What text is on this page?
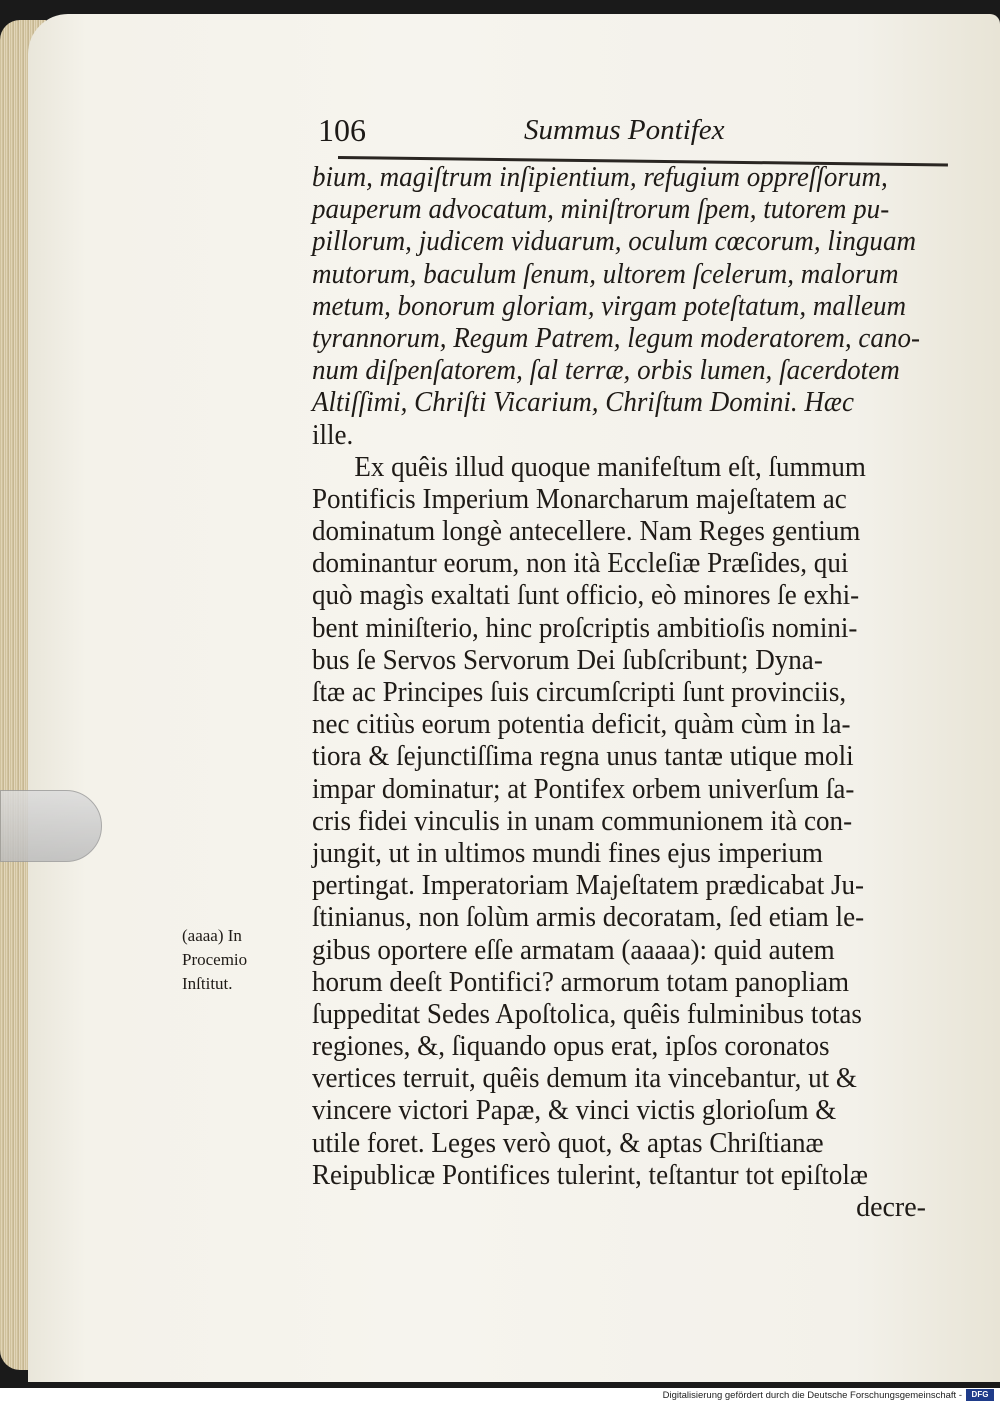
106	Summus Pontifex
bium, magiſtrum inſipientium, refugium oppreſſorum,
pauperum advocatum, miniſtrorum ſpem, tutorem pu-
pillorum, judicem viduarum, oculum cœcorum, linguam
mutorum, baculum ſenum, ultorem ſcelerum, malorum
metum, bonorum gloriam, virgam poteſtatum, malleum
tyrannorum, Regum Patrem, legum moderatorem, cano-
num diſpenſatorem, ſal terræ, orbis lumen, ſacerdotem
Altiſſimi, Chriſti Vicarium, Chriſtum Domini. Hæc
ille.
Ex quêis illud quoque manifeſtum eſt, ſummum
Pontificis Imperium Monarcharum majeſtatem ac
dominatum longè antecellere. Nam Reges gentium
dominantur eorum, non ità Eccleſiæ Præſides, qui
quò magìs exaltati ſunt officio, eò minores ſe exhi-
bent miniſterio, hinc proſcriptis ambitioſis nomini-
bus ſe Servos Servorum Dei ſubſcribunt; Dyna-
ſtæ ac Principes ſuis circumſcripti ſunt provinciis,
nec citiùs eorum potentia deficit, quàm cùm in la-
tiora & ſejunctiſſima regna unus tantæ utique moli
impar dominatur; at Pontifex orbem univerſum ſa-
cris fidei vinculis in unam communionem ità con-
jungit, ut in ultimos mundi fines ejus imperium
pertingat. Imperatoriam Majeſtatem prædicabat Ju-
ſtinianus, non ſolùm armis decoratam, ſed etiam le-
gibus oportere eſſe armatam (aaaaa): quid autem
horum deeſt Pontifici? armorum totam panopliam
ſuppeditat Sedes Apoſtolica, quêis fulminibus totas
regiones, &, ſiquando opus erat, ipſos coronatos
vertices terruit, quêis demum ita vincebantur, ut &
vincere victori Papæ, & vinci victis glorioſum &
utile foret. Leges verò quot, & aptas Chriſtianæ
Reipublicæ Pontifices tulerint, teſtantur tot epiſtolæ
decre-
(aaaa) In
Procemio
Inſtitut.
Digitalisierung gefördert durch die Deutsche Forschungsgemeinschaft -	DFG
